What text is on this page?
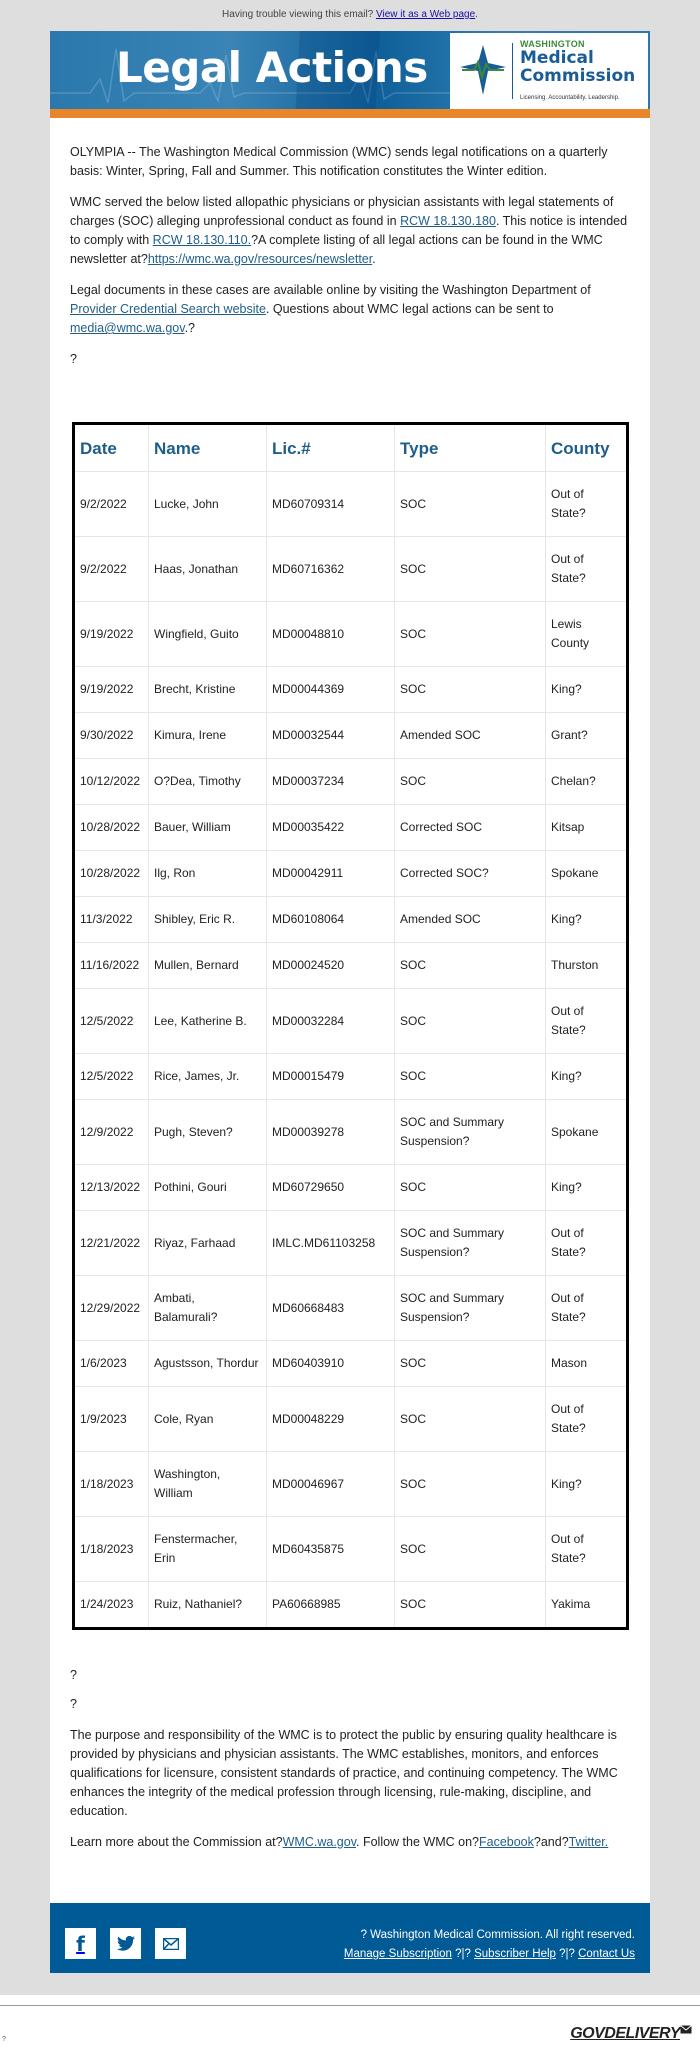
Having trouble viewing this email? View it as a Web page.
Legal Actions	WASHINGTON
Medical
Commission
Licensing. Accountability. Leadership.

OLYMPIA -- The Washington Medical Commission (WMC) sends legal notifications on a quarterly basis: Winter, Spring, Fall and Summer. This notification constitutes the Winter edition.

WMC served the below listed allopathic physicians or physician assistants with legal statements of charges (SOC) alleging unprofessional conduct as found in RCW 18.130.180. This notice is intended to comply with RCW 18.130.110.?A complete listing of all legal actions can be found in the WMC newsletter at?https://wmc.wa.gov/resources/newsletter.

Legal documents in these cases are available online by visiting the Washington Department of Provider Credential Search website. Questions about WMC legal actions can be sent to media@wmc.wa.gov.?

?

Date	Name	Lic.#	Type	County
9/2/2022	Lucke, John	MD60709314	SOC	Out of State?
9/2/2022	Haas, Jonathan	MD60716362	SOC	Out of State?
9/19/2022	Wingfield, Guito	MD00048810	SOC	Lewis County
9/19/2022	Brecht, Kristine	MD00044369	SOC	King?
9/30/2022	Kimura, Irene	MD00032544	Amended SOC	Grant?
10/12/2022	O?Dea, Timothy	MD00037234	SOC	Chelan?
10/28/2022	Bauer, William	MD00035422	Corrected SOC	Kitsap
10/28/2022	Ilg, Ron	MD00042911	Corrected SOC?	Spokane
11/3/2022	Shibley, Eric R.	MD60108064	Amended SOC	King?
11/16/2022	Mullen, Bernard	MD00024520	SOC	Thurston
12/5/2022	Lee, Katherine B.	MD00032284	SOC	Out of State?
12/5/2022	Rice, James, Jr.	MD00015479	SOC	King?
12/9/2022	Pugh, Steven?	MD00039278	SOC and Summary Suspension?	Spokane
12/13/2022	Pothini, Gouri	MD60729650	SOC	King?
12/21/2022	Riyaz, Farhaad	IMLC.MD61103258	SOC and Summary Suspension?	Out of State?
12/29/2022	Ambati, Balamurali?	MD60668483	SOC and Summary Suspension?	Out of State?
1/6/2023	Agustsson, Thordur	MD60403910	SOC	Mason
1/9/2023	Cole, Ryan	MD00048229	SOC	Out of State?
1/18/2023	Washington, William	MD00046967	SOC	King?
1/18/2023	Fenstermacher, Erin	MD60435875	SOC	Out of State?
1/24/2023	Ruiz, Nathaniel?	PA60668985	SOC	Yakima

?

?

The purpose and responsibility of the WMC is to protect the public by ensuring quality healthcare is provided by physicians and physician assistants. The WMC establishes, monitors, and enforces qualifications for licensure, consistent standards of practice, and continuing competency. The WMC enhances the integrity of the medical profession through licensing, rule-making, discipline, and education.

Learn more about the Commission at?WMC.wa.gov. Follow the WMC on?Facebook?and?Twitter.

f	? Washington Medical Commission. All right reserved.
Manage Subscription ?|? Subscriber Help ?|? Contact Us
?	GOVDELIVERY
